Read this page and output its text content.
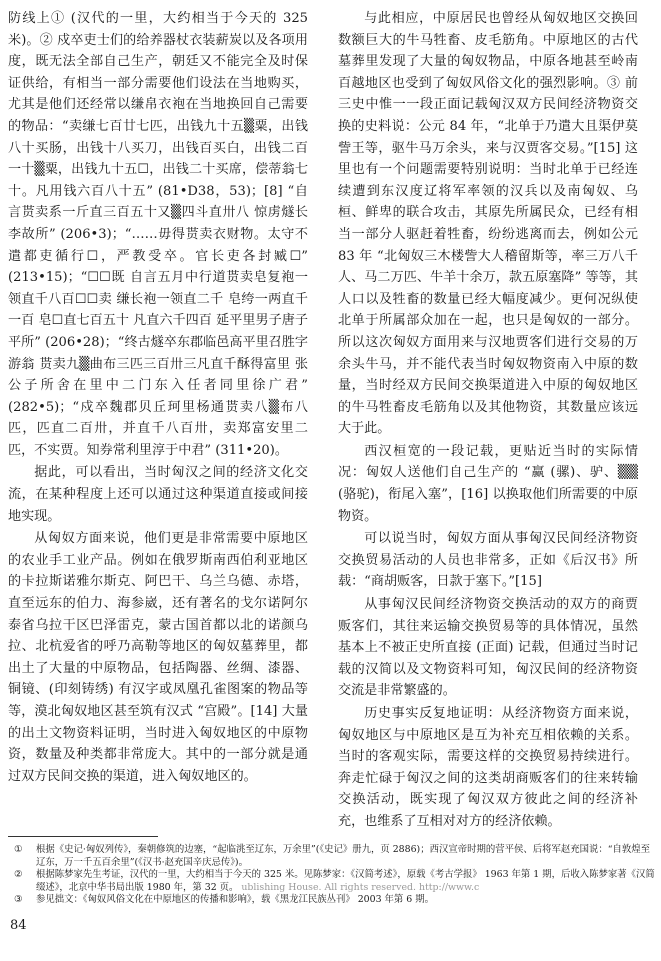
防线上① (汉代的一里，大约相当于今天的 325 米)。② 戍卒吏士们的给养器杖衣装薪炭以及各项用度，既无法全部自己生产，朝廷又不能完全及时保证供给，有相当一部分需要他们设法在当地购买，尤其是他们还经常以缣帛衣袍在当地换回自己需要的物品：“卖缣七百廿七匹，出钱九十五▒粟，出钱八十买肠，出钱十八买刀，出钱百买白，出钱二百一十▒粟，出钱九十五☐，出钱二十买席，偿蒂翁七十。凡用钱六百八十五” (81•D38，53)；[8] “自言贳卖系一斤直三百五十又▒四斗直卅八 惊虏燧长李故所” (206•3)；“……毋得贳卖衣财物。太守不遣都吏循行☐，严教受卒。官长吏各封臧☐” (213•15)；“☐☐既 自言五月中行道贳卖皂复袍一领直千八百☐☐卖 缣长袍一领直二千 皂绔一两直千一百 皂☐直七百五十 凡直六千四百 延平里男子唐子平所” (206•28)；“终古燧卒东郡临邑高平里召胜字游翁 贳卖九▒曲布三匹三百卅三凡直千酥得富里 张公子所舍在里中二门东入任者同里徐广君” (282•5)；“戍卒魏郡贝丘珂里杨通贳卖八▒布八匹，匹直二百卅，并直千八百卅，卖郑富安里二匹，不实贾。知券常利里淳于中君” (311•20)。

据此，可以看出，当时匈汉之间的经济文化交流，在某种程度上还可以通过这种渠道直接或间接地实现。

从匈奴方面来说，他们更是非常需要中原地区的农业手工业产品。例如在俄罗斯南西伯利亚地区的卡拉斯诺雅尔斯克、阿巴干、乌兰乌德、赤塔，直至远东的伯力、海参崴，还有著名的戈尔诺阿尔泰省乌拉干区巴泽雷克，蒙古国首都以北的诺颜乌拉、北杭爱省的呼乃高勒等地区的匈奴墓葬里，都出土了大量的中原物品，包括陶器、丝绸、漆器、铜镜、(印刻铸绣) 有汉字或凤凰孔雀图案的物品等等，漠北匈奴地区甚至筑有汉式 “宫殿”。[14] 大量的出土文物资料证明，当时进入匈奴地区的中原物资，数量及种类都非常庞大。其中的一部分就是通过双方民间交换的渠道，进入匈奴地区的。

与此相应，中原居民也曾经从匈奴地区交换回数额巨大的牛马牲畜、皮毛筋角。中原地区的古代墓葬里发现了大量的匈奴物品，中原各地甚至岭南百越地区也受到了匈奴风俗文化的强烈影响。③ 前三史中惟一一段正面记载匈汉双方民间经济物资交换的史料说：公元 84 年，“北单于乃遣大且渠伊莫訾王等，驱牛马万余头，来与汉贾客交易。”[15] 这里也有一个问题需要特别说明：当时北单于已经连续遭到东汉度辽将军率领的汉兵以及南匈奴、乌桓、鲜卑的联合攻击，其原先所属民众，已经有相当一部分人驱赶着牲畜，纷纷逃离而去，例如公元 83 年 “北匈奴三木楼訾大人稽留斯等，率三万八千人、马二万匹、牛羊十余万，款五原塞降” 等等，其人口以及牲畜的数量已经大幅度减少。更何况纵使北单于所属部众加在一起，也只是匈奴的一部分。所以这次匈奴方面用来与汉地贾客们进行交易的万余头牛马，并不能代表当时匈奴物资南入中原的数量，当时经双方民间交换渠道进入中原的匈奴地区的牛马牲畜皮毛筋角以及其他物资，其数量应该远大于此。

西汉桓宽的一段记载，更贴近当时的实际情况：匈奴人送他们自己生产的 “赢 (骡)、驴、▒▒ (骆驼)，衔尾入塞”，[16] 以换取他们所需要的中原物资。

可以说当时，匈奴方面从事匈汉民间经济物资交换贸易活动的人员也非常多，正如《后汉书》所载：“商胡贩客，日款于塞下。”[15]

从事匈汉民间经济物资交换活动的双方的商贾贩客们，其往来运输交换贸易等的具体情况，虽然基本上不被正史所直接 (正面) 记载，但通过当时记载的汉简以及文物资料可知，匈汉民间的经济物资交流是非常繁盛的。

历史事实反复地证明：从经济物资方面来说，匈奴地区与中原地区是互为补充互相依赖的关系。当时的客观实际，需要这样的交换贸易持续进行。奔走忙碌于匈汉之间的这类胡商贩客们的往来转输交换活动，既实现了匈汉双方彼此之间的经济补充，也维系了互相对对方的经济依赖。

①	根据《史记·匈奴列传》，秦朝修筑的边塞，“起临洮至辽东，万余里”(《史记》册九，页 2886)；西汉宣帝时期的营平侯、后将军赵充国说：“自敦煌至辽东，万一千五百余里”(《汉书·赵充国辛庆忌传》)。
②	根据陈梦家先生考证，汉代的一里，大约相当于今天的 325 米。见陈梦家：《汉简考述》，原载《考古学报》 1963 年第 1 期，后收入陈梦家著《汉简缀述》，北京中华书局出版 1980 年，第 32 页。 ublishing House. All rights reserved. http://www.c
③	参见拙文：《匈奴风俗文化在中原地区的传播和影响》，载《黑龙江民族丛刊》 2003 年第 6 期。
84
